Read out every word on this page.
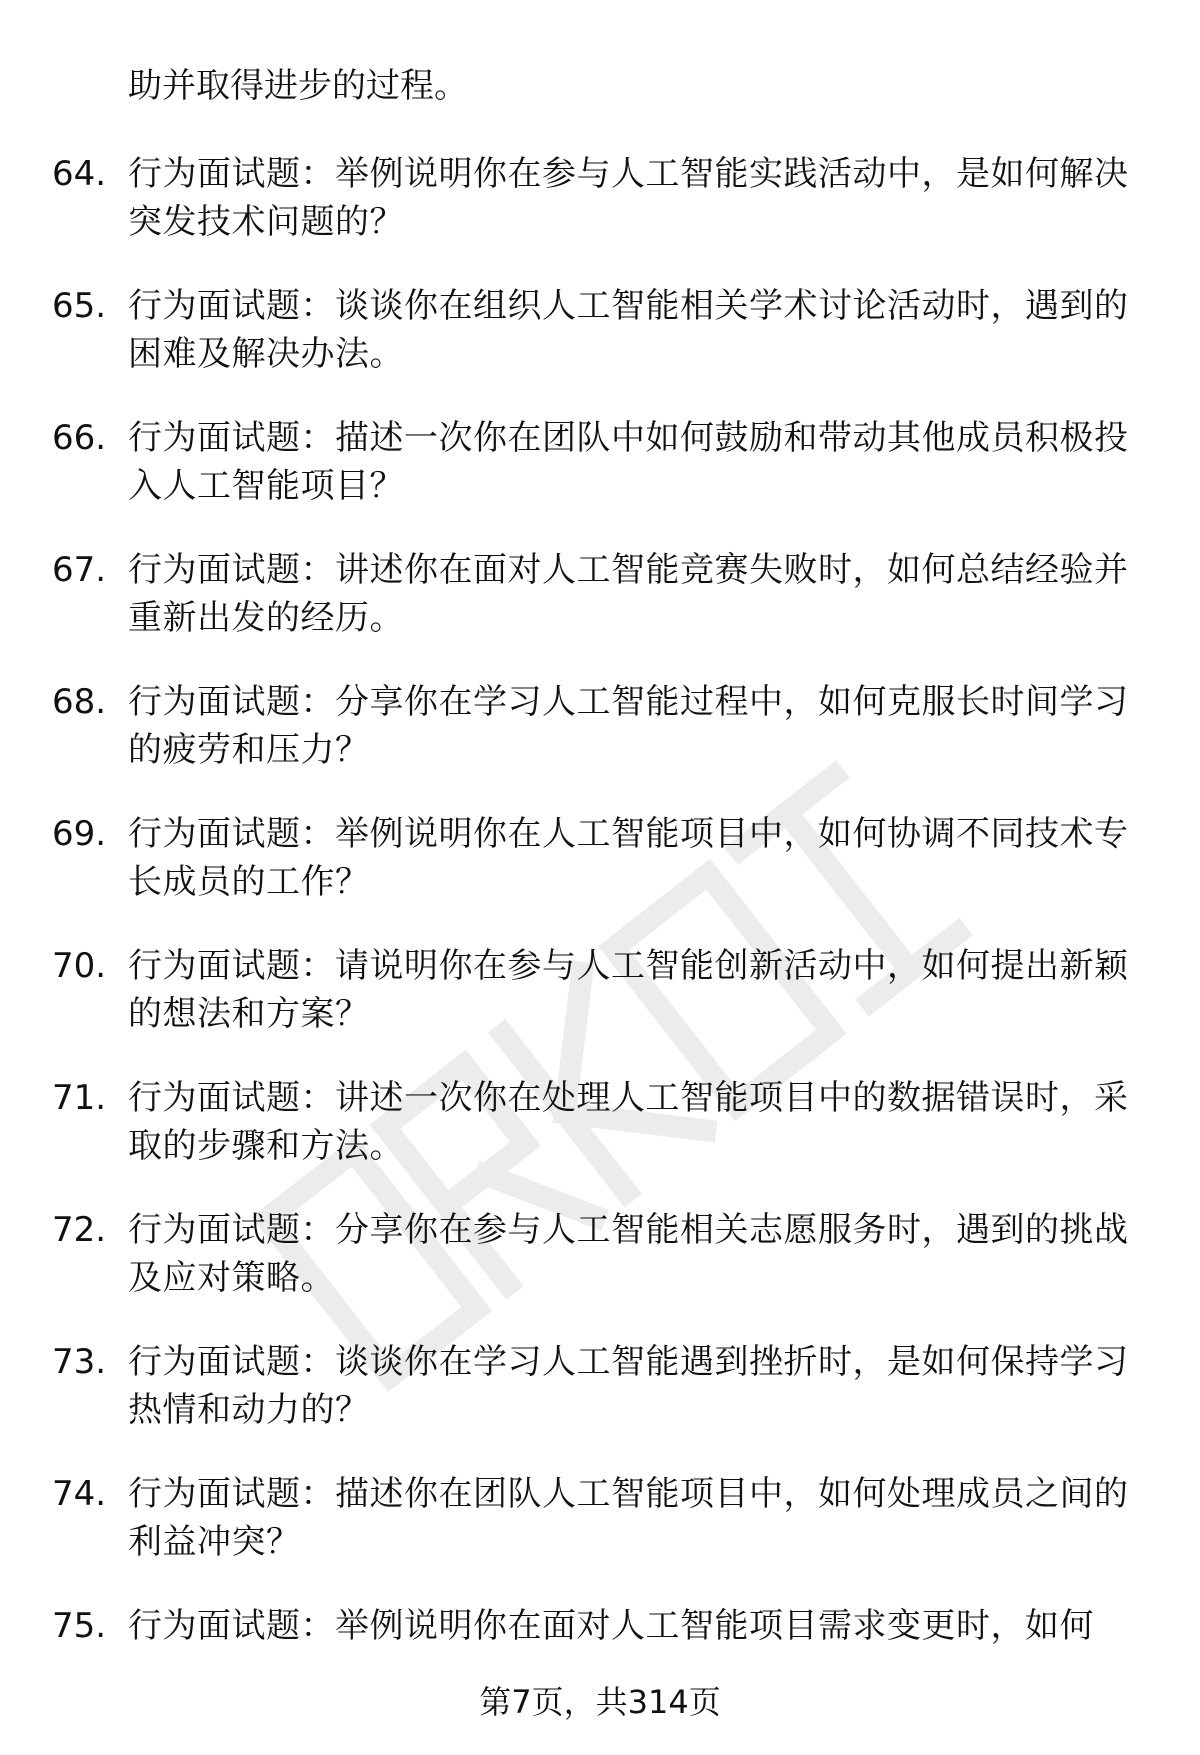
助并取得进步的过程。
64. 行为面试题：举例说明你在参与人工智能实践活动中，是如何解决突发技术问题的？
65. 行为面试题：谈谈你在组织人工智能相关学术讨论活动时，遇到的困难及解决办法。
66. 行为面试题：描述一次你在团队中如何鼓励和带动其他成员积极投入人工智能项目？
67. 行为面试题：讲述你在面对人工智能竞赛失败时，如何总结经验并重新出发的经历。
68. 行为面试题：分享你在学习人工智能过程中，如何克服长时间学习的疲劳和压力？
69. 行为面试题：举例说明你在人工智能项目中，如何协调不同技术专长成员的工作？
70. 行为面试题：请说明你在参与人工智能创新活动中，如何提出新颖的想法和方案？
71. 行为面试题：讲述一次你在处理人工智能项目中的数据错误时，采取的步骤和方法。
72. 行为面试题：分享你在参与人工智能相关志愿服务时，遇到的挑战及应对策略。
73. 行为面试题：谈谈你在学习人工智能遇到挫折时，是如何保持学习热情和动力的？
74. 行为面试题：描述你在团队人工智能项目中，如何处理成员之间的利益冲突？
75. 行为面试题：举例说明你在面对人工智能项目需求变更时，如何
第7页，共314页
